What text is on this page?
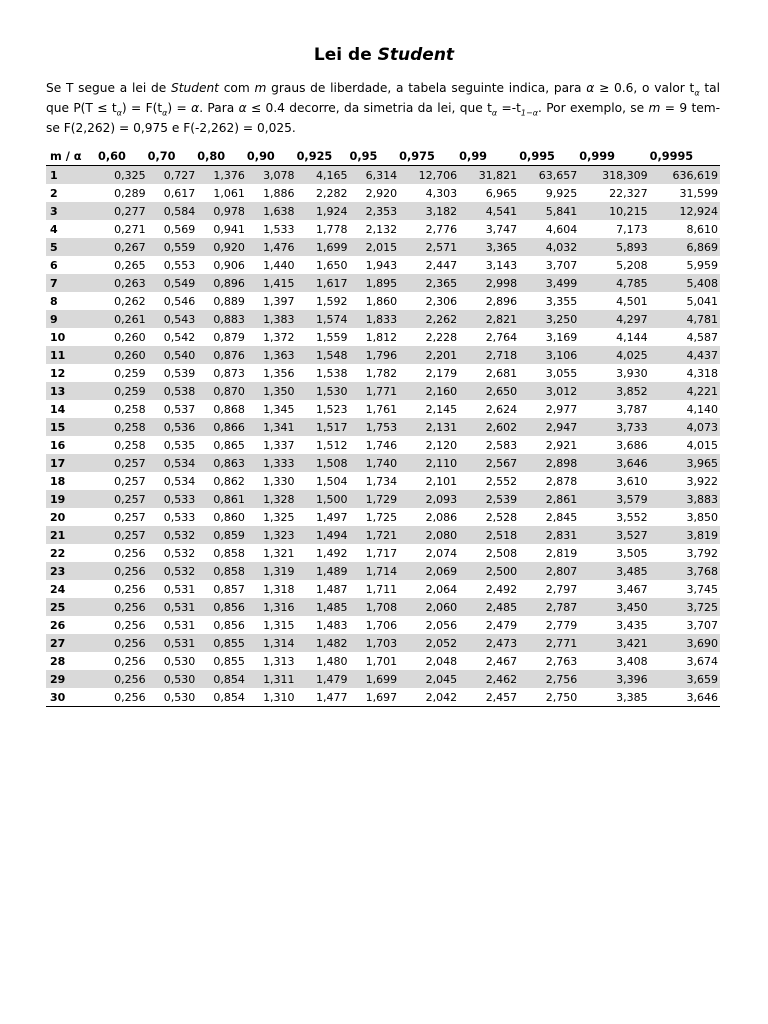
Lei de Student
Se T segue a lei de Student com m graus de liberdade, a tabela seguinte indica, para α ≥ 0.6, o valor $t_\alpha$ tal que $P(T \le t_\alpha) = F(t_\alpha) = \alpha$. Para α ≤ 0.4 decorre, da simetria da lei, que $t_\alpha =-t_{1-\alpha}$. Por exemplo, se m = 9 tem-se F(2,262) = 0,975 e F(-2,262) = 0,025.
m / α	0,60	0,70	0,80	0,90	0,925	0,95	0,975	0,99	0,995	0,999	0,9995
1	0,325	0,727	1,376	3,078	4,165	6,314	12,706	31,821	63,657	318,309	636,619
2	0,289	0,617	1,061	1,886	2,282	2,920	4,303	6,965	9,925	22,327	31,599
3	0,277	0,584	0,978	1,638	1,924	2,353	3,182	4,541	5,841	10,215	12,924
4	0,271	0,569	0,941	1,533	1,778	2,132	2,776	3,747	4,604	7,173	8,610
5	0,267	0,559	0,920	1,476	1,699	2,015	2,571	3,365	4,032	5,893	6,869
6	0,265	0,553	0,906	1,440	1,650	1,943	2,447	3,143	3,707	5,208	5,959
7	0,263	0,549	0,896	1,415	1,617	1,895	2,365	2,998	3,499	4,785	5,408
8	0,262	0,546	0,889	1,397	1,592	1,860	2,306	2,896	3,355	4,501	5,041
9	0,261	0,543	0,883	1,383	1,574	1,833	2,262	2,821	3,250	4,297	4,781
10	0,260	0,542	0,879	1,372	1,559	1,812	2,228	2,764	3,169	4,144	4,587
11	0,260	0,540	0,876	1,363	1,548	1,796	2,201	2,718	3,106	4,025	4,437
12	0,259	0,539	0,873	1,356	1,538	1,782	2,179	2,681	3,055	3,930	4,318
13	0,259	0,538	0,870	1,350	1,530	1,771	2,160	2,650	3,012	3,852	4,221
14	0,258	0,537	0,868	1,345	1,523	1,761	2,145	2,624	2,977	3,787	4,140
15	0,258	0,536	0,866	1,341	1,517	1,753	2,131	2,602	2,947	3,733	4,073
16	0,258	0,535	0,865	1,337	1,512	1,746	2,120	2,583	2,921	3,686	4,015
17	0,257	0,534	0,863	1,333	1,508	1,740	2,110	2,567	2,898	3,646	3,965
18	0,257	0,534	0,862	1,330	1,504	1,734	2,101	2,552	2,878	3,610	3,922
19	0,257	0,533	0,861	1,328	1,500	1,729	2,093	2,539	2,861	3,579	3,883
20	0,257	0,533	0,860	1,325	1,497	1,725	2,086	2,528	2,845	3,552	3,850
21	0,257	0,532	0,859	1,323	1,494	1,721	2,080	2,518	2,831	3,527	3,819
22	0,256	0,532	0,858	1,321	1,492	1,717	2,074	2,508	2,819	3,505	3,792
23	0,256	0,532	0,858	1,319	1,489	1,714	2,069	2,500	2,807	3,485	3,768
24	0,256	0,531	0,857	1,318	1,487	1,711	2,064	2,492	2,797	3,467	3,745
25	0,256	0,531	0,856	1,316	1,485	1,708	2,060	2,485	2,787	3,450	3,725
26	0,256	0,531	0,856	1,315	1,483	1,706	2,056	2,479	2,779	3,435	3,707
27	0,256	0,531	0,855	1,314	1,482	1,703	2,052	2,473	2,771	3,421	3,690
28	0,256	0,530	0,855	1,313	1,480	1,701	2,048	2,467	2,763	3,408	3,674
29	0,256	0,530	0,854	1,311	1,479	1,699	2,045	2,462	2,756	3,396	3,659
30	0,256	0,530	0,854	1,310	1,477	1,697	2,042	2,457	2,750	3,385	3,646
